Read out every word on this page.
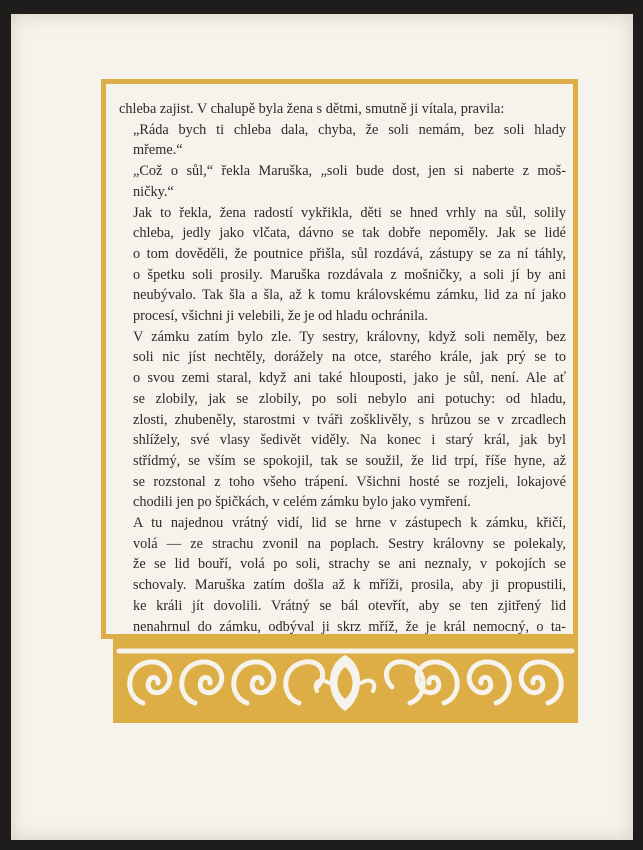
chleba zajist. V chalupě byla žena s dětmi, smutně ji vítala, pravila:

„Ráda bych ti chleba dala, chyba, že soli nemám, bez soli hlady
mřeme.“

„Což o sůl,“ řekla Maruška, „soli bude dost, jen si naberte z moš-
ničky.“

Jak to řekla, žena radostí vykřikla, děti se hned vrhly na sůl, solily
chleba, jedly jako vlčata, dávno se tak dobře nepoměly. Jak se lidé
o tom dověděli, že poutnice přišla, sůl rozdává, zástupy se za ní táhly,
o špetku soli prosily. Maruška rozdávala z mošničky, a soli jí by ani
neubývalo. Tak šla a šla, až k tomu královskému zámku, lid za ní jako
procesí, všichni ji velebili, že je od hladu ochránila.

V zámku zatím bylo zle. Ty sestry, královny, když soli neměly, bez
soli nic jíst nechtěly, dorážely na otce, starého krále, jak prý se to
o svou zemi staral, když ani také hlouposti, jako je sůl, není. Ale ať
se zlobily, jak se zlobily, po soli nebylo ani potuchy: od hladu,
zlosti, zhubeněly, starostmi v tváři zošklivěly, s hrůzou se v zrcadlech
shlížely, své vlasy šedivět viděly. Na konec i starý král, jak byl
střídmý, se vším se spokojil, tak se soužil, že lid trpí, říše hyne, až
se rozstonal z toho všeho trápení. Všichni hosté se rozjeli, lokajové
chodili jen po špičkách, v celém zámku bylo jako vymření.

A tu najednou vrátný vidí, lid se hrne v zástupech k zámku, křičí,
volá — ze strachu zvonil na poplach. Sestry královny se polekaly,
že se lid bouří, volá po soli, strachy se ani neznaly, v pokojích se
schovaly. Maruška zatím došla až k mříži, prosila, aby ji propustili,
ke králi jít dovolili. Vrátný se bál otevřít, aby se ten zjitřený lid
nenahrnul do zámku, odbýval ji skrz mříž, že je král nemocný, o ta-
